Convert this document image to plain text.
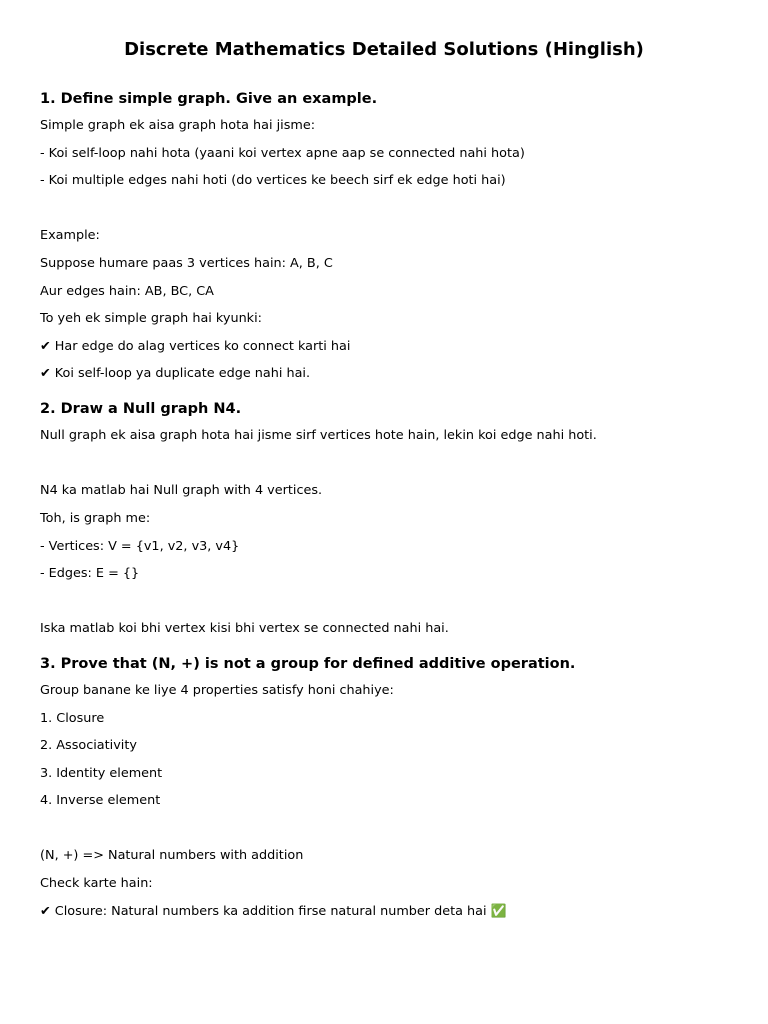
Discrete Mathematics Detailed Solutions (Hinglish)
1. Define simple graph. Give an example.
Simple graph ek aisa graph hota hai jisme:
- Koi self-loop nahi hota (yaani koi vertex apne aap se connected nahi hota)
- Koi multiple edges nahi hoti (do vertices ke beech sirf ek edge hoti hai)
Example:
Suppose humare paas 3 vertices hain: A, B, C
Aur edges hain: AB, BC, CA
To yeh ek simple graph hai kyunki:
✔ Har edge do alag vertices ko connect karti hai
✔ Koi self-loop ya duplicate edge nahi hai.
2. Draw a Null graph N4.
Null graph ek aisa graph hota hai jisme sirf vertices hote hain, lekin koi edge nahi hoti.
N4 ka matlab hai Null graph with 4 vertices.
Toh, is graph me:
- Vertices: V = {v1, v2, v3, v4}
- Edges: E = {}
Iska matlab koi bhi vertex kisi bhi vertex se connected nahi hai.
3. Prove that (N, +) is not a group for defined additive operation.
Group banane ke liye 4 properties satisfy honi chahiye:
1. Closure
2. Associativity
3. Identity element
4. Inverse element
(N, +) => Natural numbers with addition
Check karte hain:
✔ Closure: Natural numbers ka addition firse natural number deta hai ✅
